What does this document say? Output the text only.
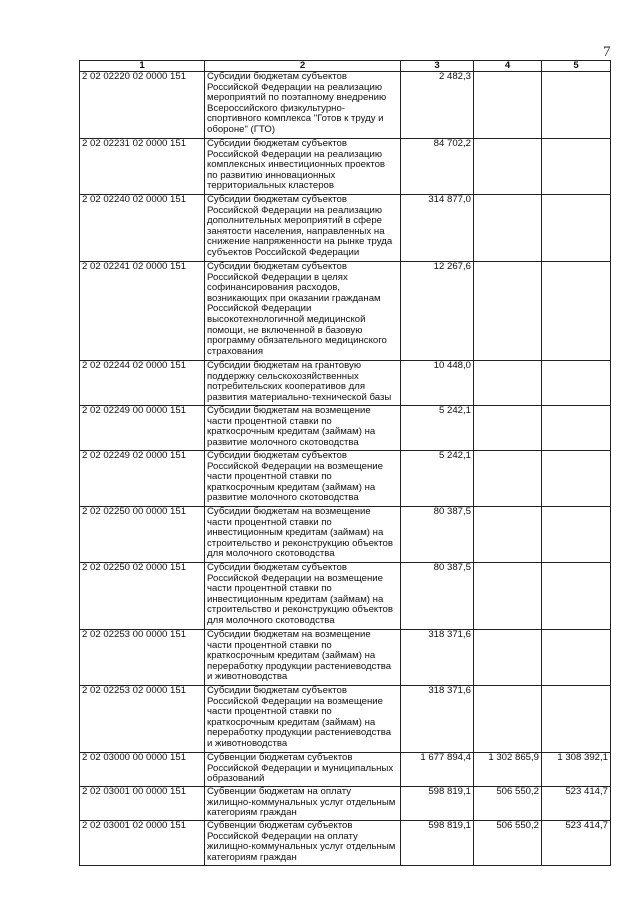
7
1	2	3	4	5
2 02 02220 02 0000 151	Субсидии бюджетам субъектов Российской Федерации на реализацию мероприятий по поэтапному внедрению Всероссийского физкультурно-спортивного комплекса "Готов к труду и обороне" (ГТО)	2 482,3		
2 02 02231 02 0000 151	Субсидии бюджетам субъектов Российской Федерации на реализацию комплексных инвестиционных проектов по развитию инновационных территориальных кластеров	84 702,2		
2 02 02240 02 0000 151	Субсидии бюджетам субъектов Российской Федерации на реализацию дополнительных мероприятий в сфере занятости населения, направленных на снижение напряженности на рынке труда субъектов Российской Федерации	314 877,0		
2 02 02241 02 0000 151	Субсидии бюджетам субъектов Российской Федерации в целях софинансирования расходов, возникающих при оказании гражданам Российской Федерации высокотехнологичной медицинской помощи, не включенной в базовую программу обязательного медицинского страхования	12 267,6		
2 02 02244 02 0000 151	Субсидии бюджетам на грантовую поддержку сельскохозяйственных потребительских кооперативов для развития материально-технической базы	10 448,0		
2 02 02249 00 0000 151	Субсидии бюджетам на возмещение части процентной ставки по краткосрочным кредитам (займам) на развитие молочного скотоводства	5 242,1		
2 02 02249 02 0000 151	Субсидии бюджетам субъектов Российской Федерации на возмещение части процентной ставки по краткосрочным кредитам (займам) на развитие молочного скотоводства	5 242,1		
2 02 02250 00 0000 151	Субсидии бюджетам на возмещение части процентной ставки по инвестиционным кредитам (займам) на строительство и реконструкцию объектов для молочного скотоводства	80 387,5		
2 02 02250 02 0000 151	Субсидии бюджетам субъектов Российской Федерации на возмещение части процентной ставки по инвестиционным кредитам (займам) на строительство и реконструкцию объектов для молочного скотоводства	80 387,5		
2 02 02253 00 0000 151	Субсидии бюджетам на возмещение части процентной ставки по краткосрочным кредитам (займам) на переработку продукции растениеводства и животноводства	318 371,6		
2 02 02253 02 0000 151	Субсидии бюджетам субъектов Российской Федерации на возмещение части процентной ставки по краткосрочным кредитам (займам) на переработку продукции растениеводства и животноводства	318 371,6		
2 02 03000 00 0000 151	Субвенции бюджетам субъектов Российской Федерации и муниципальных образований	1 677 894,4	1 302 865,9	1 308 392,1
2 02 03001 00 0000 151	Субвенции бюджетам на оплату жилищно-коммунальных услуг отдельным категориям граждан	598 819,1	506 550,2	523 414,7
2 02 03001 02 0000 151	Субвенции бюджетам субъектов Российской Федерации на оплату жилищно-коммунальных услуг отдельным категориям граждан	598 819,1	506 550,2	523 414,7
